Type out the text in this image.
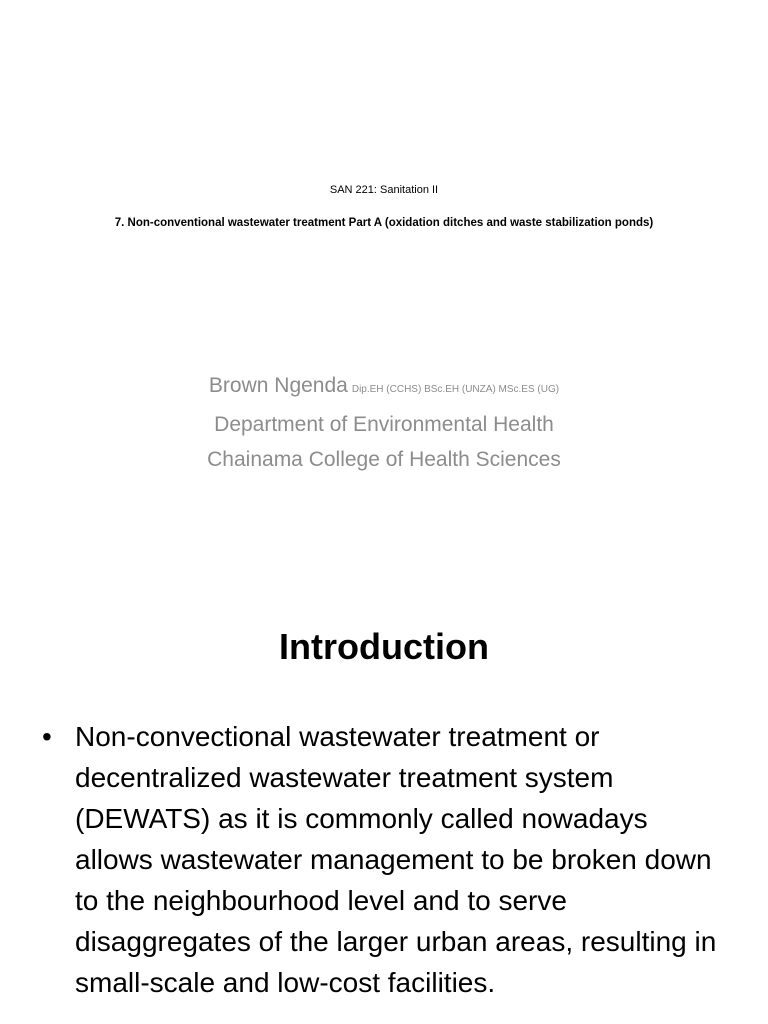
SAN 221: Sanitation II
7. Non-conventional wastewater treatment Part A (oxidation ditches and waste stabilization ponds)
Brown Ngenda Dip.EH (CCHS) BSc.EH (UNZA) MSc.ES (UG)
Department of Environmental Health
Chainama College of Health Sciences
Introduction
• Non-convectional wastewater treatment or decentralized wastewater treatment system (DEWATS) as it is commonly called nowadays allows wastewater management to be broken down to the neighbourhood level and to serve disaggregates of the larger urban areas, resulting in small-scale and low-cost facilities.
